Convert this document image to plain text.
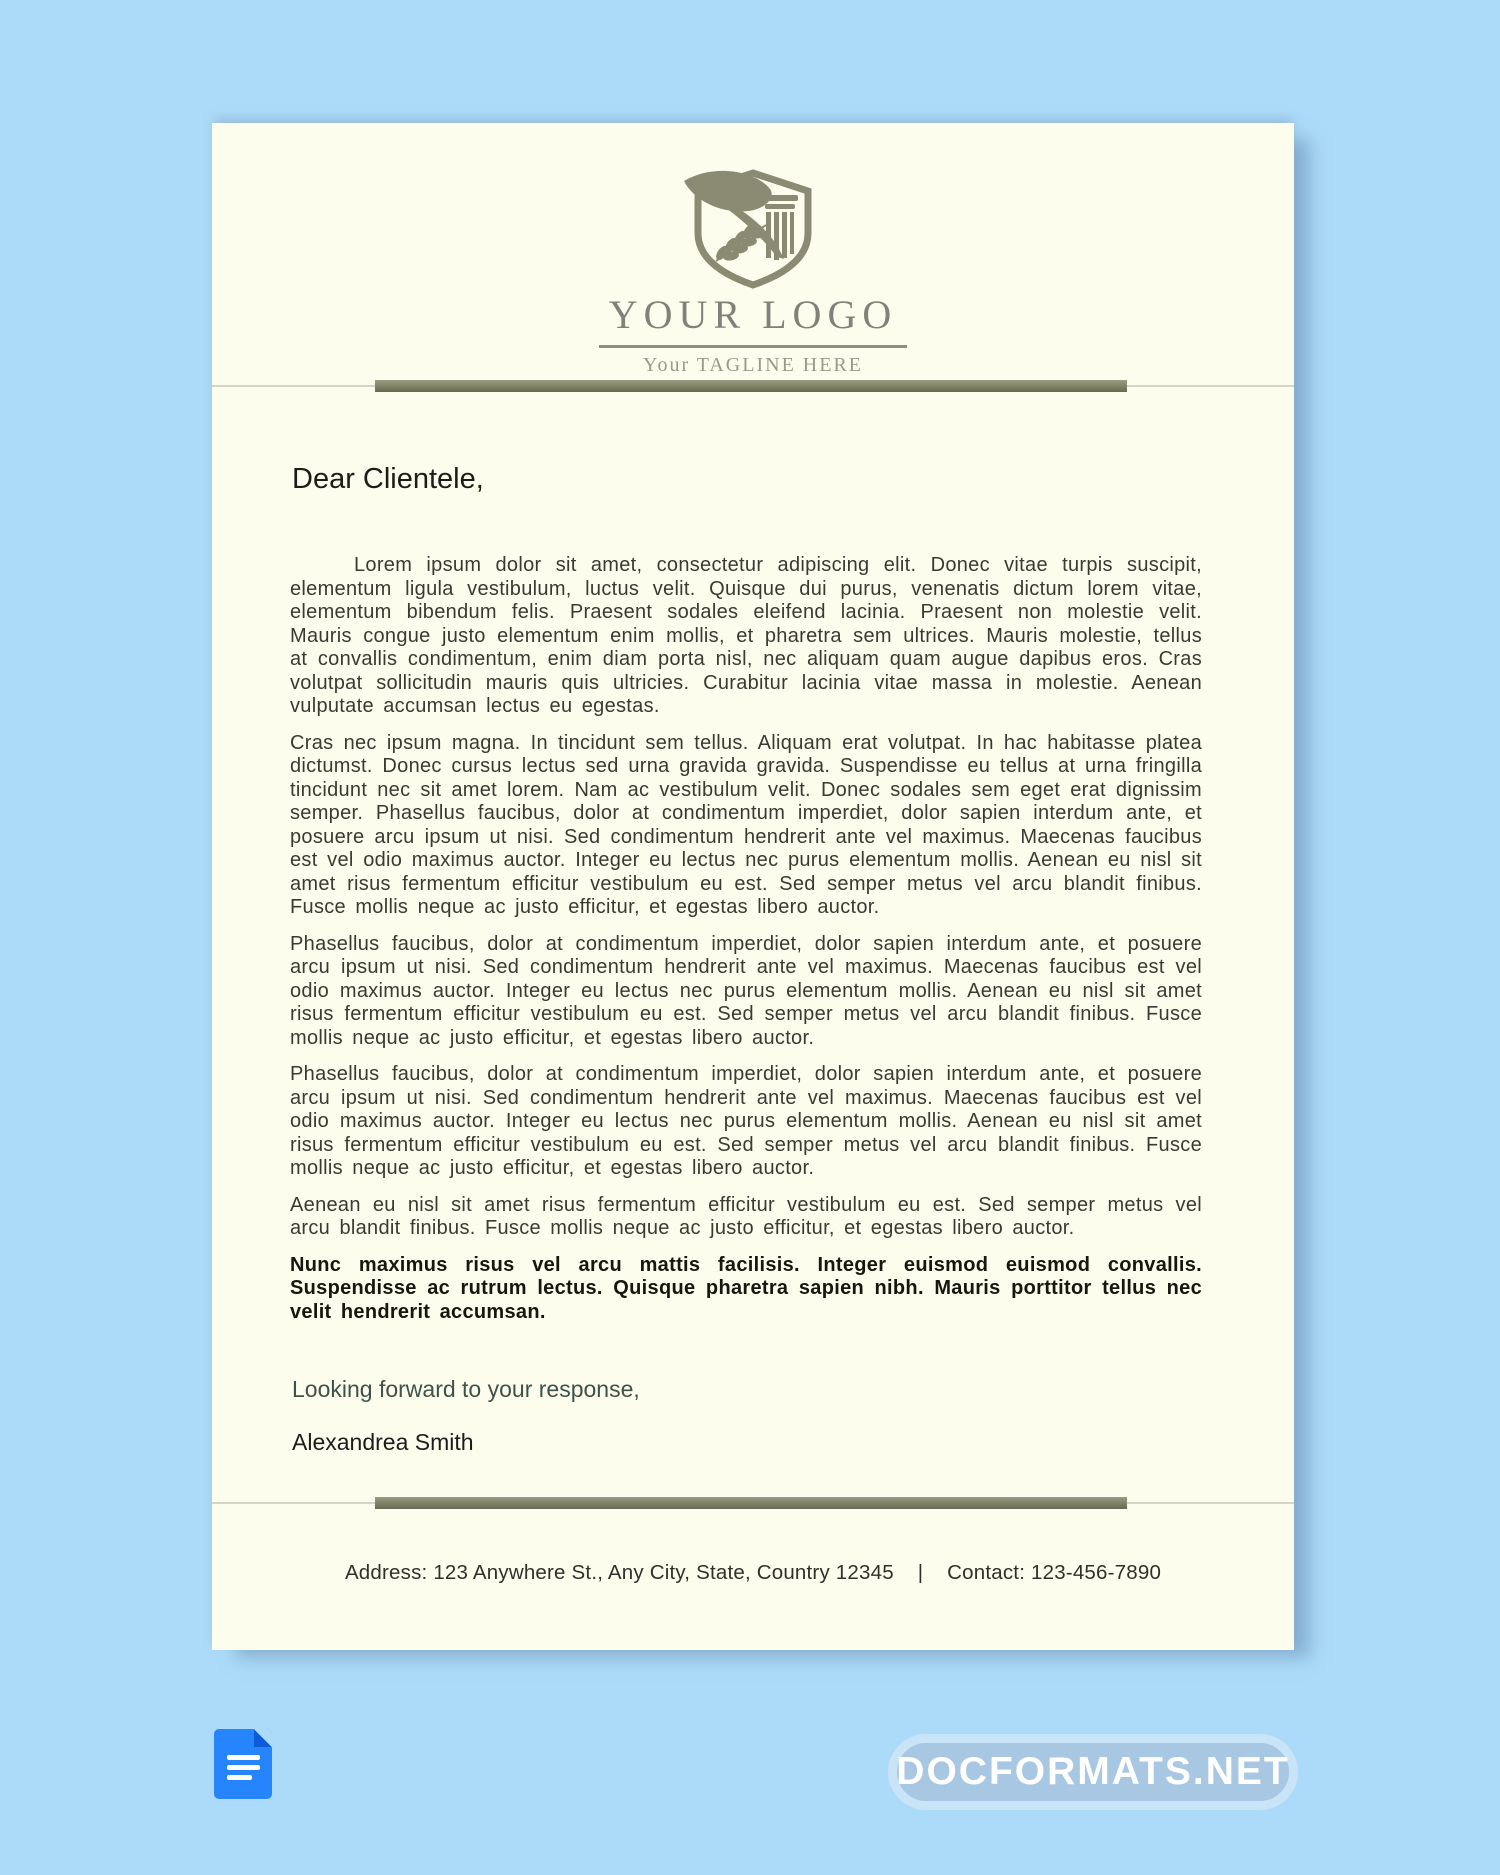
YOUR LOGO
Your TAGLINE HERE

Dear Clientele,

Lorem ipsum dolor sit amet, consectetur adipiscing elit. Donec vitae turpis suscipit, elementum ligula vestibulum, luctus velit. Quisque dui purus, venenatis dictum lorem vitae, elementum bibendum felis. Praesent sodales eleifend lacinia. Praesent non molestie velit. Mauris congue justo elementum enim mollis, et pharetra sem ultrices. Mauris molestie, tellus at convallis condimentum, enim diam porta nisl, nec aliquam quam augue dapibus eros. Cras volutpat sollicitudin mauris quis ultricies. Curabitur lacinia vitae massa in molestie. Aenean vulputate accumsan lectus eu egestas.

Cras nec ipsum magna. In tincidunt sem tellus. Aliquam erat volutpat. In hac habitasse platea dictumst. Donec cursus lectus sed urna gravida gravida. Suspendisse eu tellus at urna fringilla tincidunt nec sit amet lorem. Nam ac vestibulum velit. Donec sodales sem eget erat dignissim semper. Phasellus faucibus, dolor at condimentum imperdiet, dolor sapien interdum ante, et posuere arcu ipsum ut nisi. Sed condimentum hendrerit ante vel maximus. Maecenas faucibus est vel odio maximus auctor. Integer eu lectus nec purus elementum mollis. Aenean eu nisl sit amet risus fermentum efficitur vestibulum eu est. Sed semper metus vel arcu blandit finibus. Fusce mollis neque ac justo efficitur, et egestas libero auctor.

Phasellus faucibus, dolor at condimentum imperdiet, dolor sapien interdum ante, et posuere arcu ipsum ut nisi. Sed condimentum hendrerit ante vel maximus. Maecenas faucibus est vel odio maximus auctor. Integer eu lectus nec purus elementum mollis. Aenean eu nisl sit amet risus fermentum efficitur vestibulum eu est. Sed semper metus vel arcu blandit finibus. Fusce mollis neque ac justo efficitur, et egestas libero auctor.

Phasellus faucibus, dolor at condimentum imperdiet, dolor sapien interdum ante, et posuere arcu ipsum ut nisi. Sed condimentum hendrerit ante vel maximus. Maecenas faucibus est vel odio maximus auctor. Integer eu lectus nec purus elementum mollis. Aenean eu nisl sit amet risus fermentum efficitur vestibulum eu est. Sed semper metus vel arcu blandit finibus. Fusce mollis neque ac justo efficitur, et egestas libero auctor.

Aenean eu nisl sit amet risus fermentum efficitur vestibulum eu est. Sed semper metus vel arcu blandit finibus. Fusce mollis neque ac justo efficitur, et egestas libero auctor.

Nunc maximus risus vel arcu mattis facilisis. Integer euismod euismod convallis. Suspendisse ac rutrum lectus. Quisque pharetra sapien nibh. Mauris porttitor tellus nec velit hendrerit accumsan.

Looking forward to your response,

Alexandrea Smith

Address: 123 Anywhere St., Any City, State, Country 12345 | Contact: 123-456-7890
DOCFORMATS.NET
